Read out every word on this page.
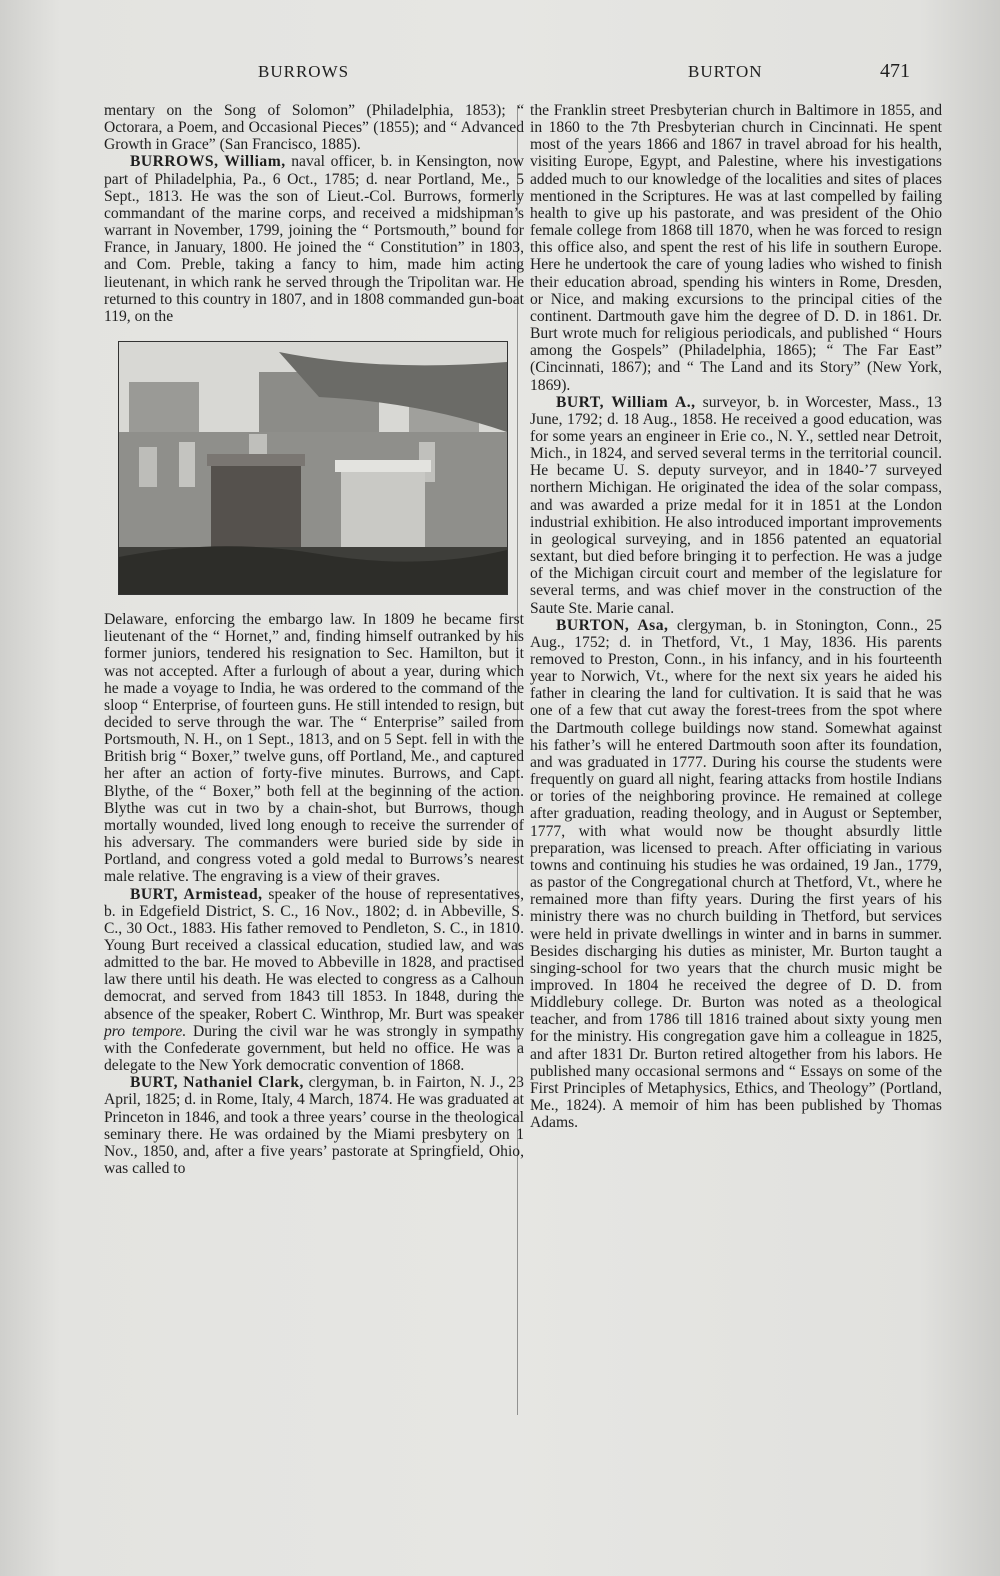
BURROWS	BURTON	471

mentary on the Song of Solomon” (Philadelphia, 1853); “ Octorara, a Poem, and Occasional Pieces” (1855); and “ Advanced Growth in Grace” (San Francisco, 1885).

BURROWS, William, naval officer, b. in Kensington, now part of Philadelphia, Pa., 6 Oct., 1785; d. near Portland, Me., 5 Sept., 1813. He was the son of Lieut.-Col. Burrows, formerly commandant of the marine corps, and received a midshipman’s warrant in November, 1799, joining the “ Portsmouth,” bound for France, in January, 1800. He joined the “ Constitution” in 1803, and Com. Preble, taking a fancy to him, made him acting lieutenant, in which rank he served through the Tripolitan war. He returned to this country in 1807, and in 1808 commanded gun-boat 119, on the

Delaware, enforcing the embargo law. In 1809 he became first lieutenant of the “ Hornet,” and, finding himself outranked by his former juniors, tendered his resignation to Sec. Hamilton, but it was not accepted. After a furlough of about a year, during which he made a voyage to India, he was ordered to the command of the sloop “ Enterprise, of fourteen guns. He still intended to resign, but decided to serve through the war. The “ Enterprise” sailed from Portsmouth, N. H., on 1 Sept., 1813, and on 5 Sept. fell in with the British brig “ Boxer,” twelve guns, off Portland, Me., and captured her after an action of forty-five minutes. Burrows, and Capt. Blythe, of the “ Boxer,” both fell at the beginning of the action. Blythe was cut in two by a chain-shot, but Burrows, though mortally wounded, lived long enough to receive the surrender of his adversary. The commanders were buried side by side in Portland, and congress voted a gold medal to Burrows’s nearest male relative. The engraving is a view of their graves.

BURT, Armistead, speaker of the house of representatives, b. in Edgefield District, S. C., 16 Nov., 1802; d. in Abbeville, S. C., 30 Oct., 1883. His father removed to Pendleton, S. C., in 1810. Young Burt received a classical education, studied law, and was admitted to the bar. He moved to Abbeville in 1828, and practised law there until his death. He was elected to congress as a Calhoun democrat, and served from 1843 till 1853. In 1848, during the absence of the speaker, Robert C. Winthrop, Mr. Burt was speaker pro tempore. During the civil war he was strongly in sympathy with the Confederate government, but held no office. He was a delegate to the New York democratic convention of 1868.

BURT, Nathaniel Clark, clergyman, b. in Fairton, N. J., 23 April, 1825; d. in Rome, Italy, 4 March, 1874. He was graduated at Princeton in 1846, and took a three years’ course in the theological seminary there. He was ordained by the Miami presbytery on 1 Nov., 1850, and, after a five years’ pastorate at Springfield, Ohio, was called to

the Franklin street Presbyterian church in Baltimore in 1855, and in 1860 to the 7th Presbyterian church in Cincinnati. He spent most of the years 1866 and 1867 in travel abroad for his health, visiting Europe, Egypt, and Palestine, where his investigations added much to our knowledge of the localities and sites of places mentioned in the Scriptures. He was at last compelled by failing health to give up his pastorate, and was president of the Ohio female college from 1868 till 1870, when he was forced to resign this office also, and spent the rest of his life in southern Europe. Here he undertook the care of young ladies who wished to finish their education abroad, spending his winters in Rome, Dresden, or Nice, and making excursions to the principal cities of the continent. Dartmouth gave him the degree of D. D. in 1861. Dr. Burt wrote much for religious periodicals, and published “ Hours among the Gospels” (Philadelphia, 1865); “ The Far East” (Cincinnati, 1867); and “ The Land and its Story” (New York, 1869).

BURT, William A., surveyor, b. in Worcester, Mass., 13 June, 1792; d. 18 Aug., 1858. He received a good education, was for some years an engineer in Erie co., N. Y., settled near Detroit, Mich., in 1824, and served several terms in the territorial council. He became U. S. deputy surveyor, and in 1840-’7 surveyed northern Michigan. He originated the idea of the solar compass, and was awarded a prize medal for it in 1851 at the London industrial exhibition. He also introduced important improvements in geological surveying, and in 1856 patented an equatorial sextant, but died before bringing it to perfection. He was a judge of the Michigan circuit court and member of the legislature for several terms, and was chief mover in the construction of the Saute Ste. Marie canal.

BURTON, Asa, clergyman, b. in Stonington, Conn., 25 Aug., 1752; d. in Thetford, Vt., 1 May, 1836. His parents removed to Preston, Conn., in his infancy, and in his fourteenth year to Norwich, Vt., where for the next six years he aided his father in clearing the land for cultivation. It is said that he was one of a few that cut away the forest-trees from the spot where the Dartmouth college buildings now stand. Somewhat against his father’s will he entered Dartmouth soon after its foundation, and was graduated in 1777. During his course the students were frequently on guard all night, fearing attacks from hostile Indians or tories of the neighboring province. He remained at college after graduation, reading theology, and in August or September, 1777, with what would now be thought absurdly little preparation, was licensed to preach. After officiating in various towns and continuing his studies he was ordained, 19 Jan., 1779, as pastor of the Congregational church at Thetford, Vt., where he remained more than fifty years. During the first years of his ministry there was no church building in Thetford, but services were held in private dwellings in winter and in barns in summer. Besides discharging his duties as minister, Mr. Burton taught a singing-school for two years that the church music might be improved. In 1804 he received the degree of D. D. from Middlebury college. Dr. Burton was noted as a theological teacher, and from 1786 till 1816 trained about sixty young men for the ministry. His congregation gave him a colleague in 1825, and after 1831 Dr. Burton retired altogether from his labors. He published many occasional sermons and “ Essays on some of the First Principles of Metaphysics, Ethics, and Theology” (Portland, Me., 1824). A memoir of him has been published by Thomas Adams.
